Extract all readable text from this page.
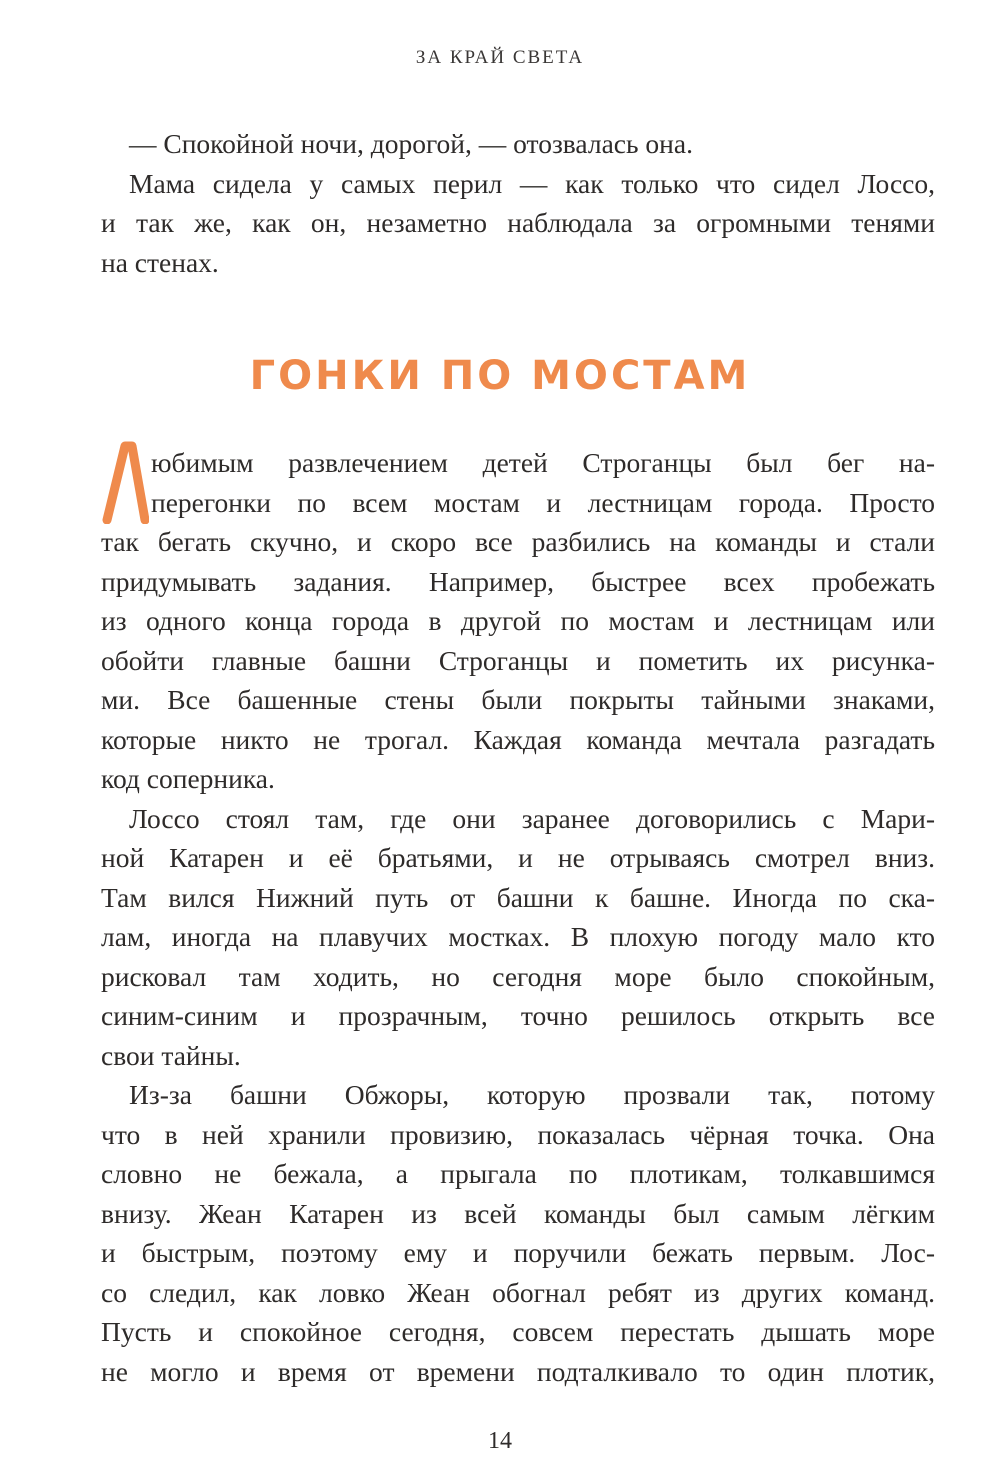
ЗА КРАЙ СВЕТА
— Спокойной ночи, дорогой, — отозвалась она.
Мама сидела у самых перил — как только что сидел Лоссо,
и так же, как он, незаметно наблюдала за огромными тенями
на стенах.
ГОНКИ ПО МОСТАМ
юбимым развлечением детей Строганцы был бег на-
перегонки по всем мостам и лестницам города. Просто
так бегать скучно, и скоро все разбились на команды и стали
придумывать задания. Например, быстрее всех пробежать
из одного конца города в другой по мостам и лестницам или
обойти главные башни Строганцы и пометить их рисунка-
ми. Все башенные стены были покрыты тайными знаками,
которые никто не трогал. Каждая команда мечтала разгадать
код соперника.
Лоссо стоял там, где они заранее договорились с Мари-
ной Катарен и её братьями, и не отрываясь смотрел вниз.
Там вился Нижний путь от башни к башне. Иногда по ска-
лам, иногда на плавучих мостках. В плохую погоду мало кто
рисковал там ходить, но сегодня море было спокойным,
синим-синим и прозрачным, точно решилось открыть все
свои тайны.
Из-за башни Обжоры, которую прозвали так, потому
что в ней хранили провизию, показалась чёрная точка. Она
словно не бежала, а прыгала по плотикам, толкавшимся
внизу. Жеан Катарен из всей команды был самым лёгким
и быстрым, поэтому ему и поручили бежать первым. Лос-
со следил, как ловко Жеан обогнал ребят из других команд.
Пусть и спокойное сегодня, совсем перестать дышать море
не могло и время от времени подталкивало то один плотик,
14
